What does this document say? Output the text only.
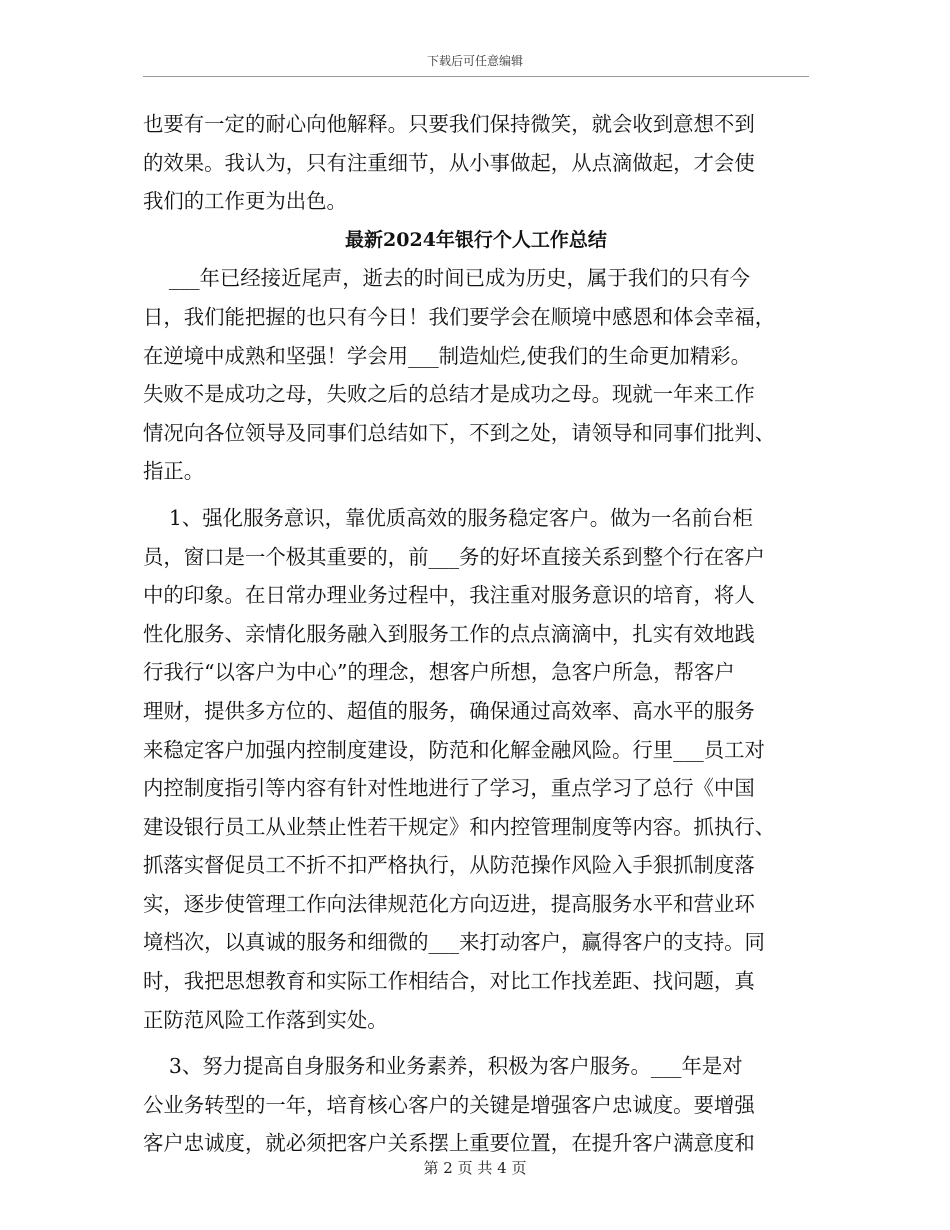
下载后可任意编辑
也要有一定的耐心向他解释。只要我们保持微笑，就会收到意想不到
的效果。我认为，只有注重细节，从小事做起，从点滴做起，才会使
我们的工作更为出色。
最新2024年银行个人工作总结
___年已经接近尾声，逝去的时间已成为历史，属于我们的只有今
日，我们能把握的也只有今日！我们要学会在顺境中感恩和体会幸福，
在逆境中成熟和坚强！学会用___制造灿烂,使我们的生命更加精彩。
失败不是成功之母，失败之后的总结才是成功之母。现就一年来工作
情况向各位领导及同事们总结如下，不到之处，请领导和同事们批判、
指正。
1、强化服务意识，靠优质高效的服务稳定客户。做为一名前台柜
员，窗口是一个极其重要的，前___务的好坏直接关系到整个行在客户
中的印象。在日常办理业务过程中，我注重对服务意识的培育，将人
性化服务、亲情化服务融入到服务工作的点点滴滴中，扎实有效地践
行我行“以客户为中心”的理念，想客户所想，急客户所急，帮客户
理财，提供多方位的、超值的服务，确保通过高效率、高水平的服务
来稳定客户加强内控制度建设，防范和化解金融风险。行里___员工对
内控制度指引等内容有针对性地进行了学习，重点学习了总行《中国
建设银行员工从业禁止性若干规定》和内控管理制度等内容。抓执行、
抓落实督促员工不折不扣严格执行，从防范操作风险入手狠抓制度落
实，逐步使管理工作向法律规范化方向迈进，提高服务水平和营业环
境档次，以真诚的服务和细微的___来打动客户，赢得客户的支持。同
时，我把思想教育和实际工作相结合，对比工作找差距、找问题，真
正防范风险工作落到实处。
3、努力提高自身服务和业务素养，积极为客户服务。___年是对
公业务转型的一年，培育核心客户的关键是增强客户忠诚度。要增强
客户忠诚度，就必须把客户关系摆上重要位置，在提升客户满意度和
第 2 页 共 4 页
